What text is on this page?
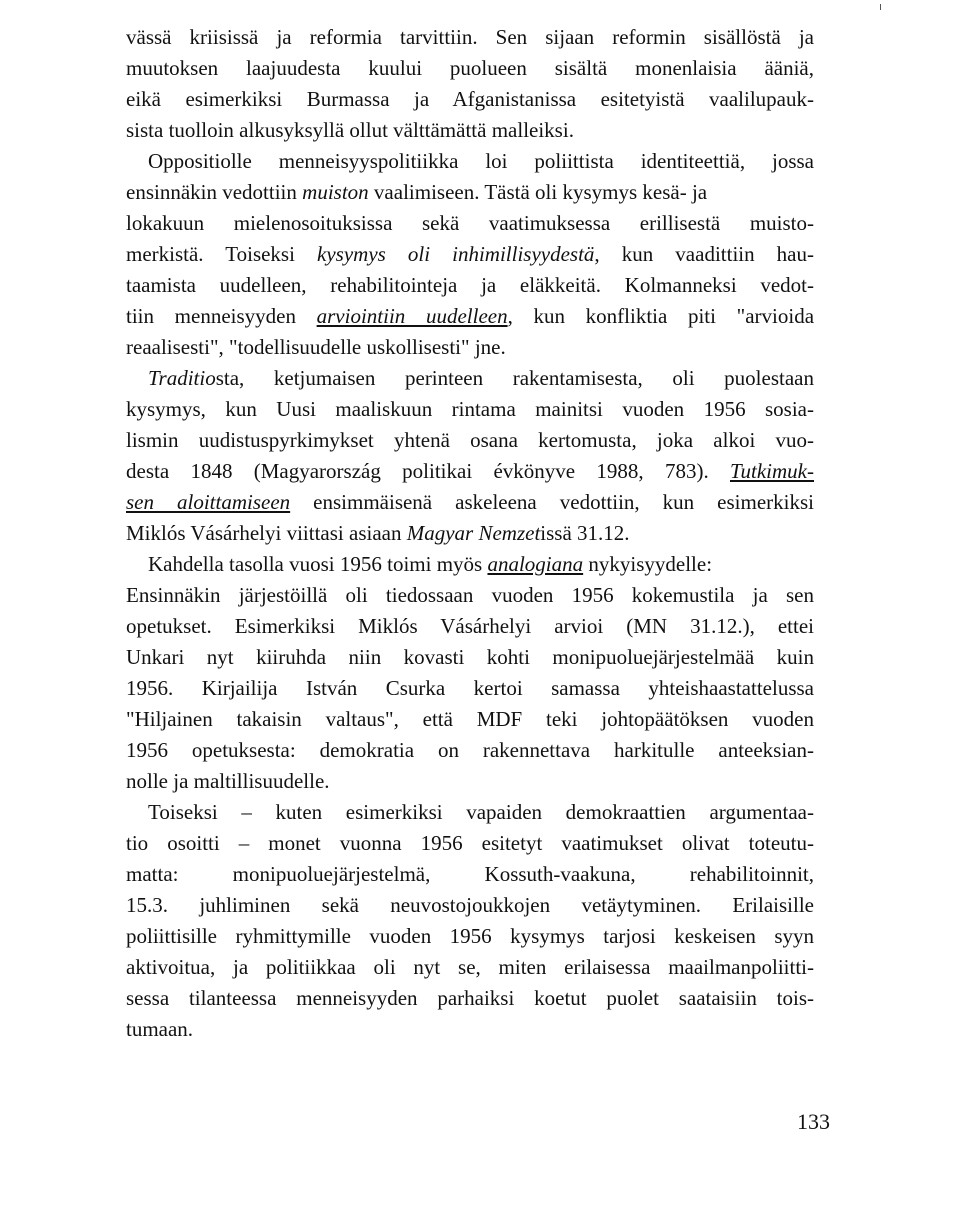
vässä kriisissä ja reformia tarvittiin. Sen sijaan reformin sisällöstä ja
muutoksen laajuudesta kuului puolueen sisältä monenlaisia ääniä,
eikä esimerkiksi Burmassa ja Afganistanissa esitetyistä vaalilupauk-
sista tuolloin alkusyksyllä ollut välttämättä malleiksi.
Oppositiolle menneisyyspolitiikka loi poliittista identiteettiä, jossa
ensinnäkin vedottiin muiston vaalimiseen. Tästä oli kysymys kesä- ja
lokakuun mielenosoituksissa sekä vaatimuksessa erillisestä muisto-
merkistä. Toiseksi kysymys oli inhimillisyydestä, kun vaadittiin hau-
taamista uudelleen, rehabilitointeja ja eläkkeitä. Kolmanneksi vedot-
tiin menneisyyden arviointiin uudelleen, kun konfliktia piti "arvioida
reaalisesti", "todellisuudelle uskollisesti" jne.
Traditiosta, ketjumaisen perinteen rakentamisesta, oli puolestaan
kysymys, kun Uusi maaliskuun rintama mainitsi vuoden 1956 sosia-
lismin uudistuspyrkimykset yhtenä osana kertomusta, joka alkoi vuo-
desta 1848 (Magyarország politikai évkönyve 1988, 783). Tutkimuk-
sen aloittamiseen ensimmäisenä askeleena vedottiin, kun esimerkiksi
Miklós Vásárhelyi viittasi asiaan Magyar Nemzetissä 31.12.
Kahdella tasolla vuosi 1956 toimi myös analogiana nykyisyydelle:
Ensinnäkin järjestöillä oli tiedossaan vuoden 1956 kokemustila ja sen
opetukset. Esimerkiksi Miklós Vásárhelyi arvioi (MN 31.12.), ettei
Unkari nyt kiiruhda niin kovasti kohti monipuoluejärjestelmää kuin
1956. Kirjailija István Csurka kertoi samassa yhteishaastattelussa
"Hiljainen takaisin valtaus", että MDF teki johtopäätöksen vuoden
1956 opetuksesta: demokratia on rakennettava harkitulle anteeksian-
nolle ja maltillisuudelle.
Toiseksi – kuten esimerkiksi vapaiden demokraattien argumentaa-
tio osoitti – monet vuonna 1956 esitetyt vaatimukset olivat toteutu-
matta: monipuoluejärjestelmä, Kossuth-vaakuna, rehabilitoinnit,
15.3. juhliminen sekä neuvostojoukkojen vetäytyminen. Erilaisille
poliittisille ryhmittymille vuoden 1956 kysymys tarjosi keskeisen syyn
aktivoitua, ja politiikkaa oli nyt se, miten erilaisessa maailmanpoliitti-
sessa tilanteessa menneisyyden parhaiksi koetut puolet saataisiin tois-
tumaan.
133
